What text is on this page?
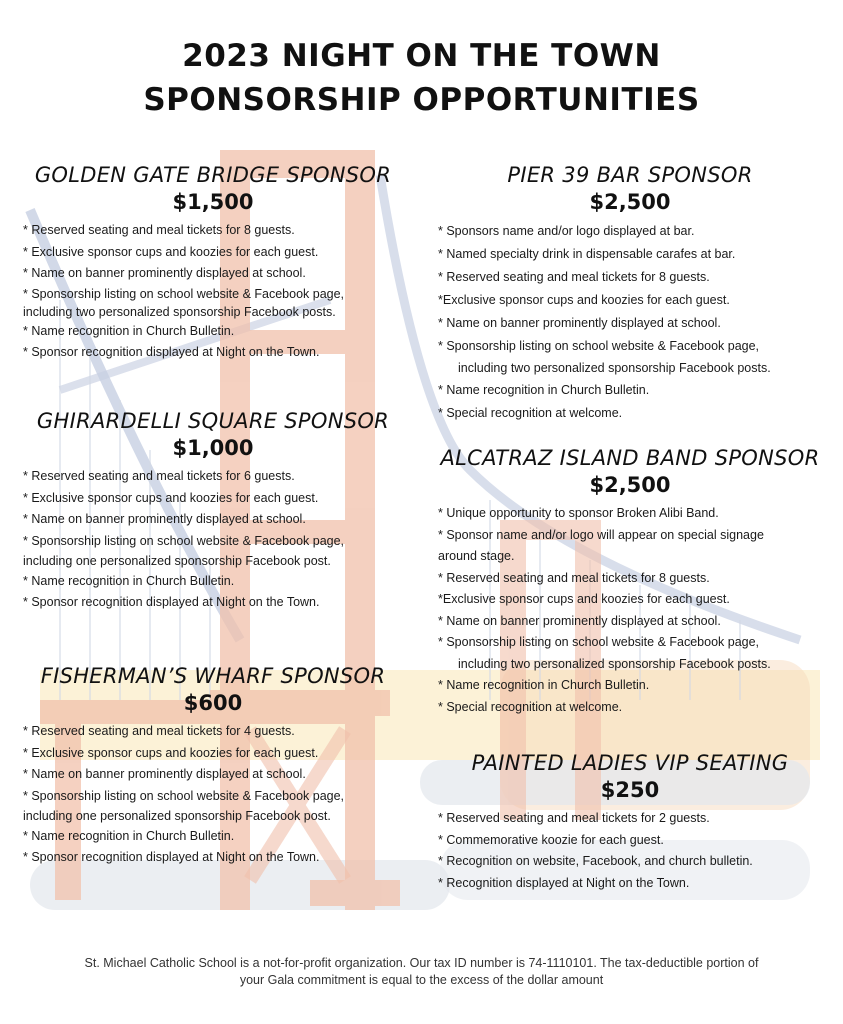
2023 NIGHT ON THE TOWN
SPONSORSHIP OPPORTUNITIES
GOLDEN GATE BRIDGE SPONSOR
$1,500
* Reserved seating and meal tickets for 8 guests.
* Exclusive sponsor cups and koozies for each guest.
* Name on banner prominently displayed at school.
* Sponsorship listing on school website & Facebook page,
including two personalized sponsorship Facebook posts.
* Name recognition in Church Bulletin.
* Sponsor recognition displayed at Night on the Town.
GHIRARDELLI SQUARE SPONSOR
$1,000
* Reserved seating and meal tickets for 6 guests.
* Exclusive sponsor cups and koozies for each guest.
* Name on banner prominently displayed at school.
* Sponsorship listing on school website & Facebook page,
including one personalized sponsorship Facebook post.
* Name recognition in Church Bulletin.
* Sponsor recognition displayed at Night on the Town.
FISHERMAN’S WHARF SPONSOR
$600
* Reserved seating and meal tickets for 4 guests.
* Exclusive sponsor cups and koozies for each guest.
* Name on banner prominently displayed at school.
* Sponsorship listing on school website & Facebook page,
including one personalized sponsorship Facebook post.
* Name recognition in Church Bulletin.
* Sponsor recognition displayed at Night on the Town.
PIER 39 BAR SPONSOR
$2,500
* Sponsors name and/or logo displayed at bar.
* Named specialty drink in dispensable carafes at bar.
* Reserved seating and meal tickets for 8 guests.
*Exclusive sponsor cups and koozies for each guest.
* Name on banner prominently displayed at school.
* Sponsorship listing on school website & Facebook page,
including two personalized sponsorship Facebook posts.
* Name recognition in Church Bulletin.
* Special recognition at welcome.
ALCATRAZ ISLAND BAND SPONSOR
$2,500
* Unique opportunity to sponsor Broken Alibi Band.
* Sponsor name and/or logo will appear on special signage
around stage.
* Reserved seating and meal tickets for 8 guests.
*Exclusive sponsor cups and koozies for each guest.
* Name on banner prominently displayed at school.
* Sponsorship listing on school website & Facebook page,
including two personalized sponsorship Facebook posts.
* Name recognition in Church Bulletin.
* Special recognition at welcome.
PAINTED LADIES VIP SEATING
$250
* Reserved seating and meal tickets for 2 guests.
* Commemorative koozie for each guest.
* Recognition on website, Facebook, and church bulletin.
* Recognition displayed at Night on the Town.
St. Michael Catholic School is a not-for-profit organization. Our tax ID number is 74-1110101. The tax-deductible portion of
your Gala commitment is equal to the excess of the dollar amount
